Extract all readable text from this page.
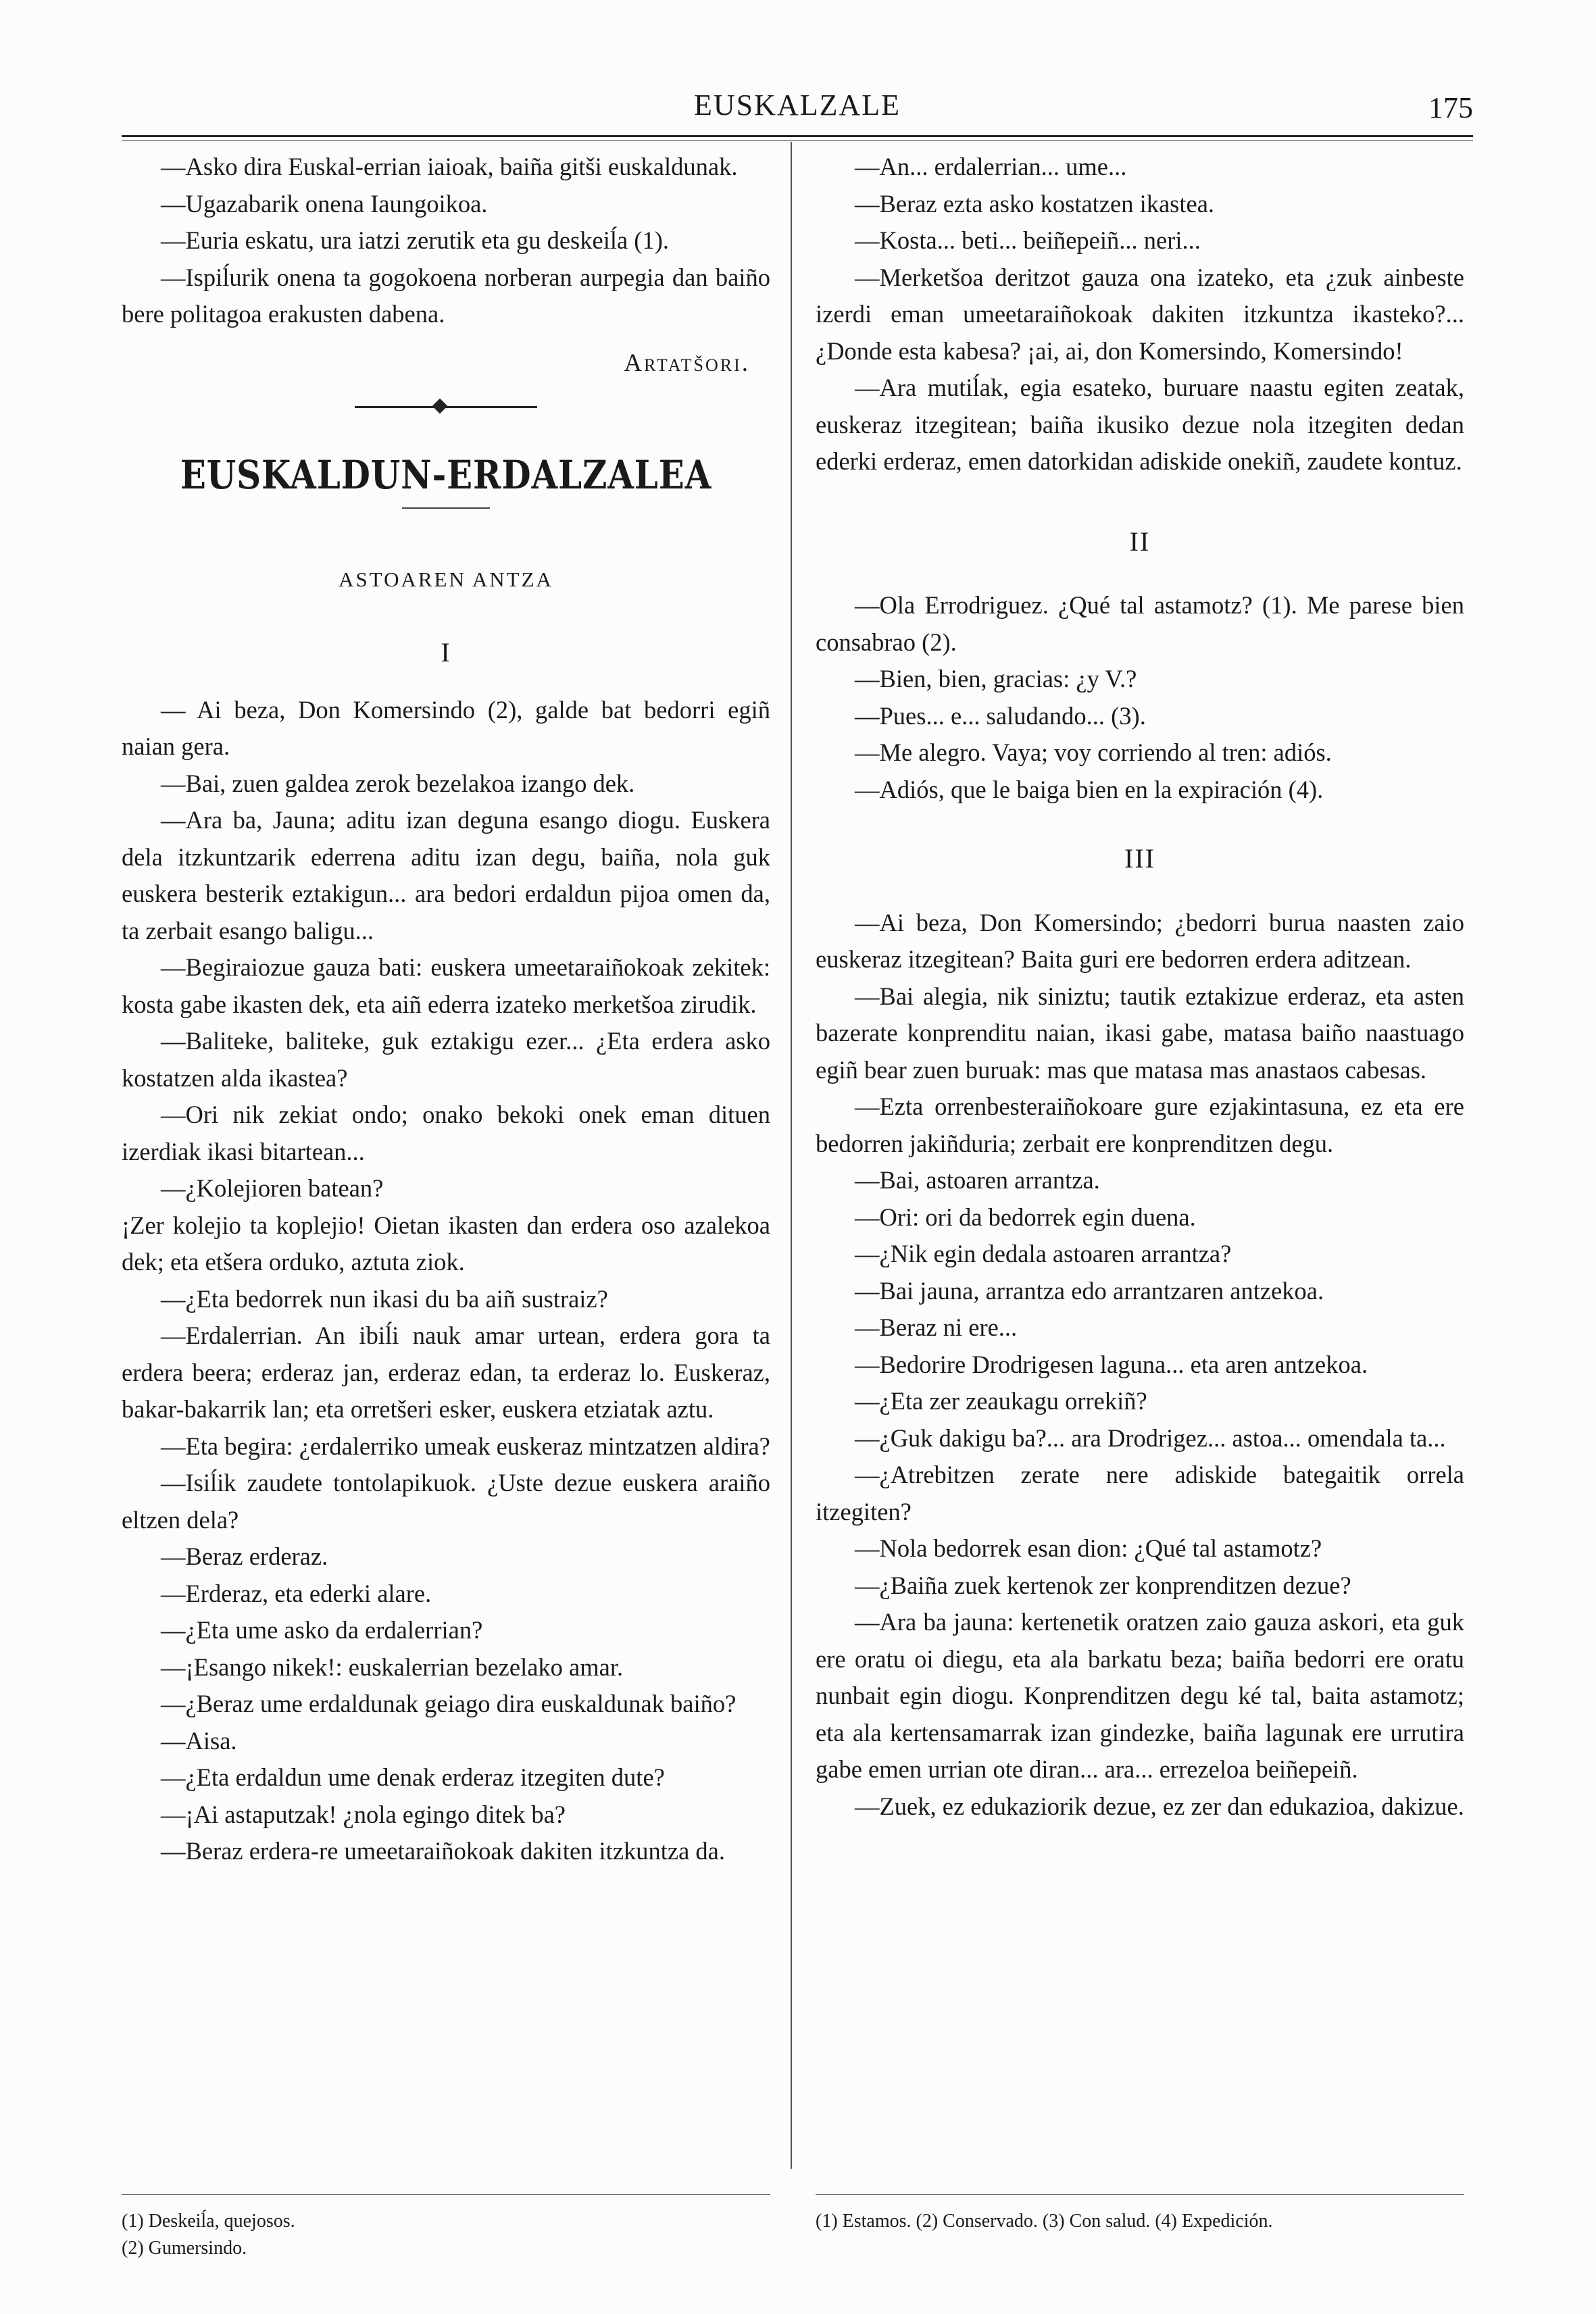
EUSKALZALE	175

—Asko dira Euskal-errian iaioak, baiña gitši euskaldunak.

—Ugazabarik onena Iaungoikoa.

—Euria eskatu, ura iatzi zerutik eta gu deskeiĺa (1).

—Ispiĺurik onena ta gogokoena norberan aurpegia dan baiño bere politagoa erakusten dabena.

Artatšori.
EUSKALDUN-ERDALZALEA
ASTOAREN ANTZA
I

— Ai beza, Don Komersindo (2), galde bat bedorri egiñ naian gera.

—Bai, zuen galdea zerok bezelakoa izango dek.

—Ara ba, Jauna; aditu izan deguna esango diogu. Euskera dela itzkuntzarik ederrena aditu izan degu, baiña, nola guk euskera besterik eztakigun... ara bedori erdaldun pijoa omen da, ta zerbait esango baligu...

—Begiraiozue gauza bati: euskera umeetaraiñokoak zekitek: kosta gabe ikasten dek, eta aiñ ederra izateko merketšoa zirudik.

—Baliteke, baliteke, guk eztakigu ezer... ¿Eta erdera asko kostatzen alda ikastea?

—Ori nik zekiat ondo; onako bekoki onek eman dituen izerdiak ikasi bitartean...

—¿Kolejioren batean?

¡Zer kolejio ta koplejio! Oietan ikasten dan erdera oso azalekoa dek; eta etšera orduko, aztuta ziok.

—¿Eta bedorrek nun ikasi du ba aiñ sustraiz?

—Erdalerrian. An ibiĺi nauk amar urtean, erdera gora ta erdera beera; erderaz jan, erderaz edan, ta erderaz lo. Euskeraz, bakar-bakarrik lan; eta orretšeri esker, euskera etziatak aztu.

—Eta begira: ¿erdalerriko umeak euskeraz mintzatzen aldira?

—Isiĺik zaudete tontolapikuok. ¿Uste dezue euskera araiño eltzen dela?

—Beraz erderaz.

—Erderaz, eta ederki alare.

—¿Eta ume asko da erdalerrian?

—¡Esango nikek!: euskalerrian bezelako amar.

—¿Beraz ume erdaldunak geiago dira euskaldunak baiño?

—Aisa.

—¿Eta erdaldun ume denak erderaz itzegiten dute?

—¡Ai astaputzak! ¿nola egingo ditek ba?

—Beraz erdera-re umeetaraiñokoak dakiten itzkuntza da.

—An... erdalerrian... ume...

—Beraz ezta asko kostatzen ikastea.

—Kosta... beti... beiñepeiñ... neri...

—Merketšoa deritzot gauza ona izateko, eta ¿zuk ainbeste izerdi eman umeetaraiñokoak dakiten itzkuntza ikasteko?... ¿Donde esta kabesa? ¡ai, ai, don Komersindo, Komersindo!

—Ara mutiĺak, egia esateko, buruare naastu egiten zeatak, euskeraz itzegitean; baiña ikusiko dezue nola itzegiten dedan ederki erderaz, emen datorkidan adiskide onekiñ, zaudete kontuz.

II

—Ola Errodriguez. ¿Qué tal astamotz? (1). Me parese bien consabrao (2).

—Bien, bien, gracias: ¿y V.?

—Pues... e... saludando... (3).

—Me alegro. Vaya; voy corriendo al tren: adiós.

—Adiós, que le baiga bien en la expiración (4).

III

—Ai beza, Don Komersindo; ¿bedorri burua naasten zaio euskeraz itzegitean? Baita guri ere bedorren erdera aditzean.

—Bai alegia, nik siniztu; tautik eztakizue erderaz, eta asten bazerate konprenditu naian, ikasi gabe, matasa baiño naastuago egiñ bear zuen buruak: mas que matasa mas anastaos cabesas.

—Ezta orrenbesteraiñokoare gure ezjakintasuna, ez eta ere bedorren jakiñduria; zerbait ere konprenditzen degu.

—Bai, astoaren arrantza.

—Ori: ori da bedorrek egin duena.

—¿Nik egin dedala astoaren arrantza?

—Bai jauna, arrantza edo arrantzaren antzekoa.

—Beraz ni ere...

—Bedorire Drodrigesen laguna... eta aren antzekoa.

—¿Eta zer zeaukagu orrekiñ?

—¿Guk dakigu ba?... ara Drodrigez... astoa... omendala ta...

—¿Atrebitzen zerate nere adiskide bategaitik orrela itzegiten?

—Nola bedorrek esan dion: ¿Qué tal astamotz?

—¿Baiña zuek kertenok zer konprenditzen dezue?

—Ara ba jauna: kertenetik oratzen zaio gauza askori, eta guk ere oratu oi diegu, eta ala barkatu beza; baiña bedorri ere oratu nunbait egin diogu. Konprenditzen degu ké tal, baita astamotz; eta ala kertensamarrak izan gindezke, baiña lagunak ere urrutira gabe emen urrian ote diran... ara... errezeloa beiñepeiñ.

—Zuek, ez edukaziorik dezue, ez zer dan edukazioa, dakizue.

(1) Deskeiĺa, quejosos.
(2) Gumersindo.
(1) Estamos. (2) Conservado. (3) Con salud. (4) Expedición.
